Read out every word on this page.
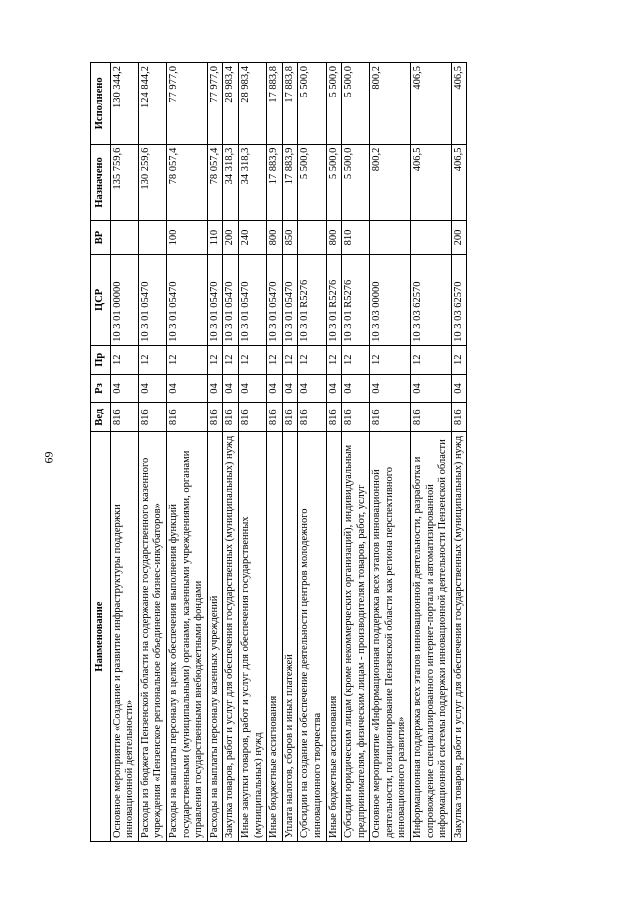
69
Наименование	Вед	Рз	Пр	ЦСР	ВР	Назначено	Исполнено
Основное мероприятие «Создание и развитие инфраструктуры поддержки инновационной деятельности»	816	04	12	10 3 01 00000		135 759,6	130 344,2
Расходы из бюджета Пензенской области на содержание государственного казенного учреждения «Пензенское региональное объединение бизнес-инкубаторов»	816	04	12	10 3 01 05470		130 259,6	124 844,2
Расходы на выплаты персоналу в целях обеспечения выполнения функций государственными (муниципальными) органами, казенными учреждениями, органами управления государственными внебюджетными фондами	816	04	12	10 3 01 05470	100	78 057,4	77 977,0
Расходы на выплаты персоналу казенных учреждений	816	04	12	10 3 01 05470	110	78 057,4	77 977,0
Закупка товаров, работ и услуг для обеспечения государственных (муниципальных) нужд	816	04	12	10 3 01 05470	200	34 318,3	28 983,4
Иные закупки товаров, работ и услуг для обеспечения государственных (муниципальных) нужд	816	04	12	10 3 01 05470	240	34 318,3	28 983,4
Иные бюджетные ассигнования	816	04	12	10 3 01 05470	800	17 883,9	17 883,8
Уплата налогов, сборов и иных платежей	816	04	12	10 3 01 05470	850	17 883,9	17 883,8
Субсидии на создание и обеспечение деятельности центров молодежного инновационного творчества	816	04	12	10 3 01 R5276		5 500,0	5 500,0
Иные бюджетные ассигнования	816	04	12	10 3 01 R5276	800	5 500,0	5 500,0
Субсидии юридическим лицам (кроме некоммерческих организаций), индивидуальным предпринимателям, физическим лицам - производителям товаров, работ, услуг	816	04	12	10 3 01 R5276	810	5 500,0	5 500,0
Основное мероприятие «Информационная поддержка всех этапов инновационной деятельности, позиционирование Пензенской области как региона перспективного инновационного развития»	816	04	12	10 3 03 00000		800,2	800,2
Информационная поддержка всех этапов инновационной деятельности, разработка и сопровождение специализированного интернет-портала и автоматизированной информационной системы поддержки инновационной деятельности Пензенской области	816	04	12	10 3 03 62570		406,5	406,5
Закупка товаров, работ и услуг для обеспечения государственных (муниципальных) нужд	816	04	12	10 3 03 62570	200	406,5	406,5
